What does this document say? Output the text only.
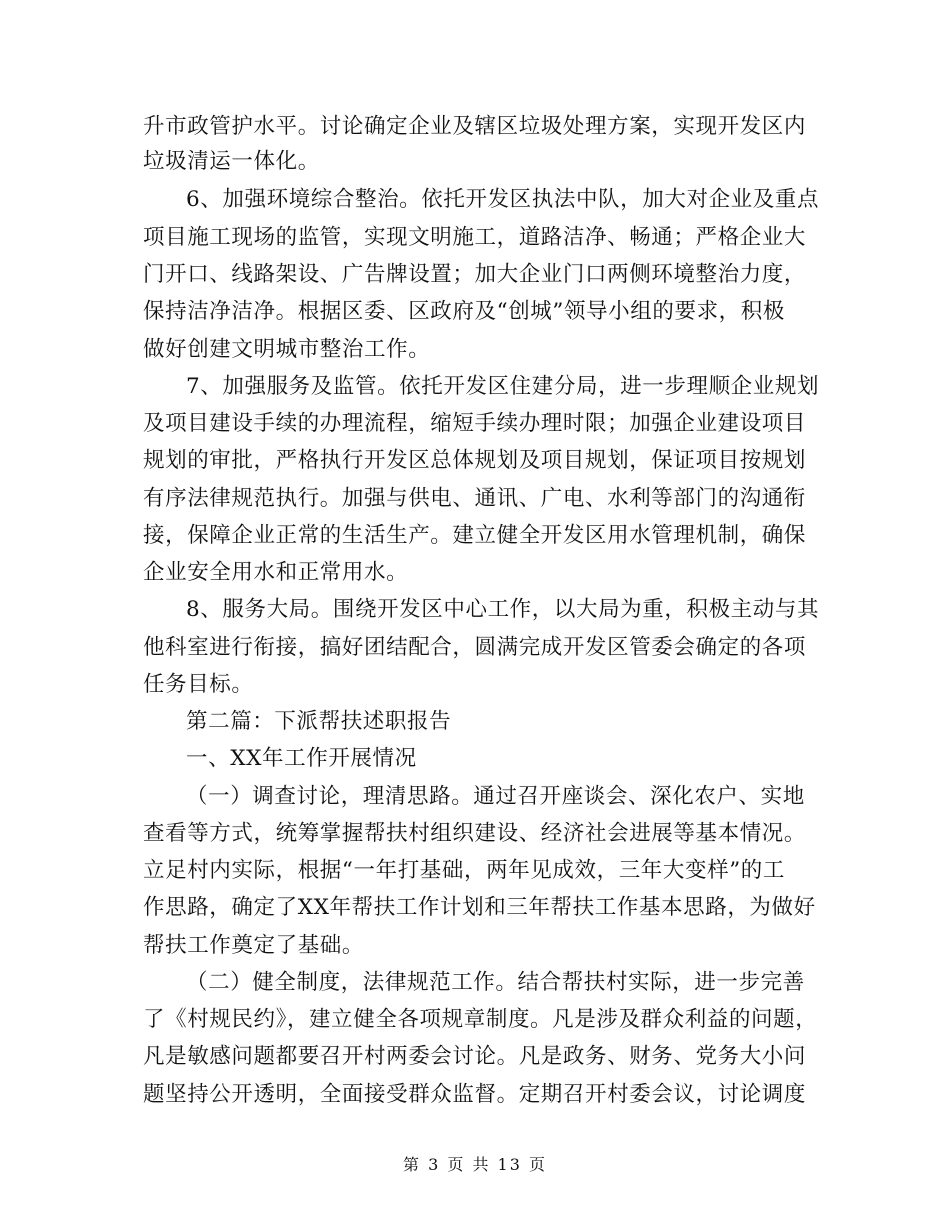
升市政管护水平。讨论确定企业及辖区垃圾处理方案，实现开发区内
垃圾清运一体化。
6、加强环境综合整治。依托开发区执法中队，加大对企业及重点
项目施工现场的监管，实现文明施工，道路洁净、畅通；严格企业大
门开口、线路架设、广告牌设置；加大企业门口两侧环境整治力度，
保持洁净洁净。根据区委、区政府及“创城”领导小组的要求，积极
做好创建文明城市整治工作。
7、加强服务及监管。依托开发区住建分局，进一步理顺企业规划
及项目建设手续的办理流程，缩短手续办理时限；加强企业建设项目
规划的审批，严格执行开发区总体规划及项目规划，保证项目按规划
有序法律规范执行。加强与供电、通讯、广电、水利等部门的沟通衔
接，保障企业正常的生活生产。建立健全开发区用水管理机制，确保
企业安全用水和正常用水。
8、服务大局。围绕开发区中心工作，以大局为重，积极主动与其
他科室进行衔接，搞好团结配合，圆满完成开发区管委会确定的各项
任务目标。
第二篇：下派帮扶述职报告
一、XX年工作开展情况
（一）调查讨论，理清思路。通过召开座谈会、深化农户、实地
查看等方式，统筹掌握帮扶村组织建设、经济社会进展等基本情况。
立足村内实际，根据“一年打基础，两年见成效，三年大变样”的工
作思路，确定了XX年帮扶工作计划和三年帮扶工作基本思路，为做好
帮扶工作奠定了基础。
（二）健全制度，法律规范工作。结合帮扶村实际，进一步完善
了《村规民约》，建立健全各项规章制度。凡是涉及群众利益的问题，
凡是敏感问题都要召开村两委会讨论。凡是政务、财务、党务大小问
题坚持公开透明，全面接受群众监督。定期召开村委会议，讨论调度
第 3 页 共 13 页
